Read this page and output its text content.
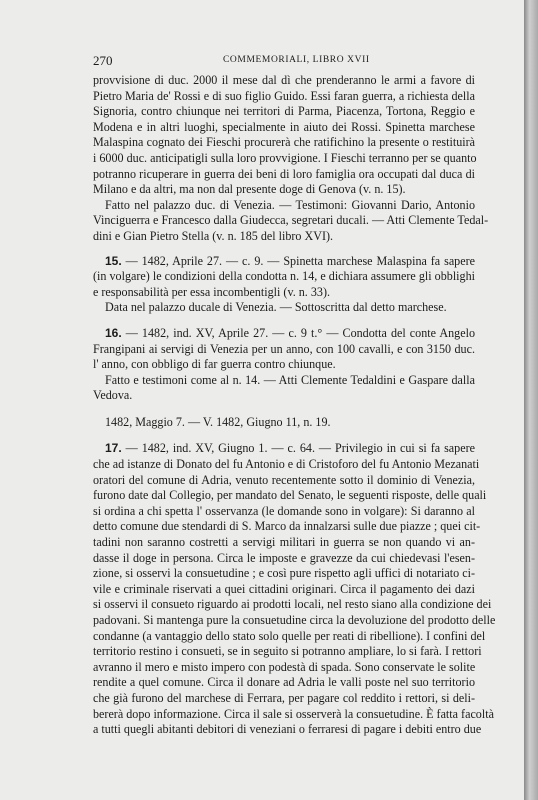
270	COMMEMORIALI, LIBRO XVII

provvisione di duc. 2000 il mese dal dì che prenderanno le armi a favore di
Pietro Maria de' Rossi e di suo figlio Guido. Essi faran guerra, a richiesta della
Signoria, contro chiunque nei territori di Parma, Piacenza, Tortona, Reggio e
Modena e in altri luoghi, specialmente in aiuto dei Rossi. Spinetta marchese
Malaspina cognato dei Fieschi procurerà che ratifichino la presente o restituirà
i 6000 duc. anticipatigli sulla loro provvigione. I Fieschi terranno per se quanto
potranno ricuperare in guerra dei beni di loro famiglia ora occupati dal duca di
Milano e da altri, ma non dal presente doge di Genova (v. n. 15).

Fatto nel palazzo duc. di Venezia. — Testimoni: Giovanni Dario, Antonio
Vinciguerra e Francesco dalla Giudecca, segretari ducali. — Atti Clemente Tedal-
dini e Gian Pietro Stella (v. n. 185 del libro XVI).

15. — 1482, Aprile 27. — c. 9. — Spinetta marchese Malaspina fa sapere
(in volgare) le condizioni della condotta n. 14, e dichiara assumere gli obblighi
e responsabilità per essa incombentigli (v. n. 33).
Data nel palazzo ducale di Venezia. — Sottoscritta dal detto marchese.

16. — 1482, ind. XV, Aprile 27. — c. 9 t.° — Condotta del conte Angelo
Frangipani ai servigi di Venezia per un anno, con 100 cavalli, e con 3150 duc.
l' anno, con obbligo di far guerra contro chiunque.
Fatto e testimoni come al n. 14. — Atti Clemente Tedaldini e Gaspare dalla
Vedova.

1482, Maggio 7. — V. 1482, Giugno 11, n. 19.

17. — 1482, ind. XV, Giugno 1. — c. 64. — Privilegio in cui si fa sapere
che ad istanze di Donato del fu Antonio e di Cristoforo del fu Antonio Mezanati
oratori del comune di Adria, venuto recentemente sotto il dominio di Venezia,
furono date dal Collegio, per mandato del Senato, le seguenti risposte, delle quali
si ordina a chi spetta l' osservanza (le domande sono in volgare): Si daranno al
detto comune due stendardi di S. Marco da innalzarsi sulle due piazze ; quei cit-
tadini non saranno costretti a servigi militari in guerra se non quando vi an-
dasse il doge in persona. Circa le imposte e gravezze da cui chiedevasi l'esen-
zione, si osservi la consuetudine ; e così pure rispetto agli uffici di notariato ci-
vile e criminale riservati a quei cittadini originari. Circa il pagamento dei dazi
si osservi il consueto riguardo ai prodotti locali, nel resto siano alla condizione dei
padovani. Si mantenga pure la consuetudine circa la devoluzione del prodotto delle
condanne (a vantaggio dello stato solo quelle per reati di ribellione). I confini del
territorio restino i consueti, se in seguito si potranno ampliare, lo si farà. I rettori
avranno il mero e misto impero con podestà di spada. Sono conservate le solite
rendite a quel comune. Circa il donare ad Adria le valli poste nel suo territorio
che già furono del marchese di Ferrara, per pagare col reddito i rettori, si deli-
bererà dopo informazione. Circa il sale si osserverà la consuetudine. È fatta facoltà
a tutti quegli abitanti debitori di veneziani o ferraresi di pagare i debiti entro due
